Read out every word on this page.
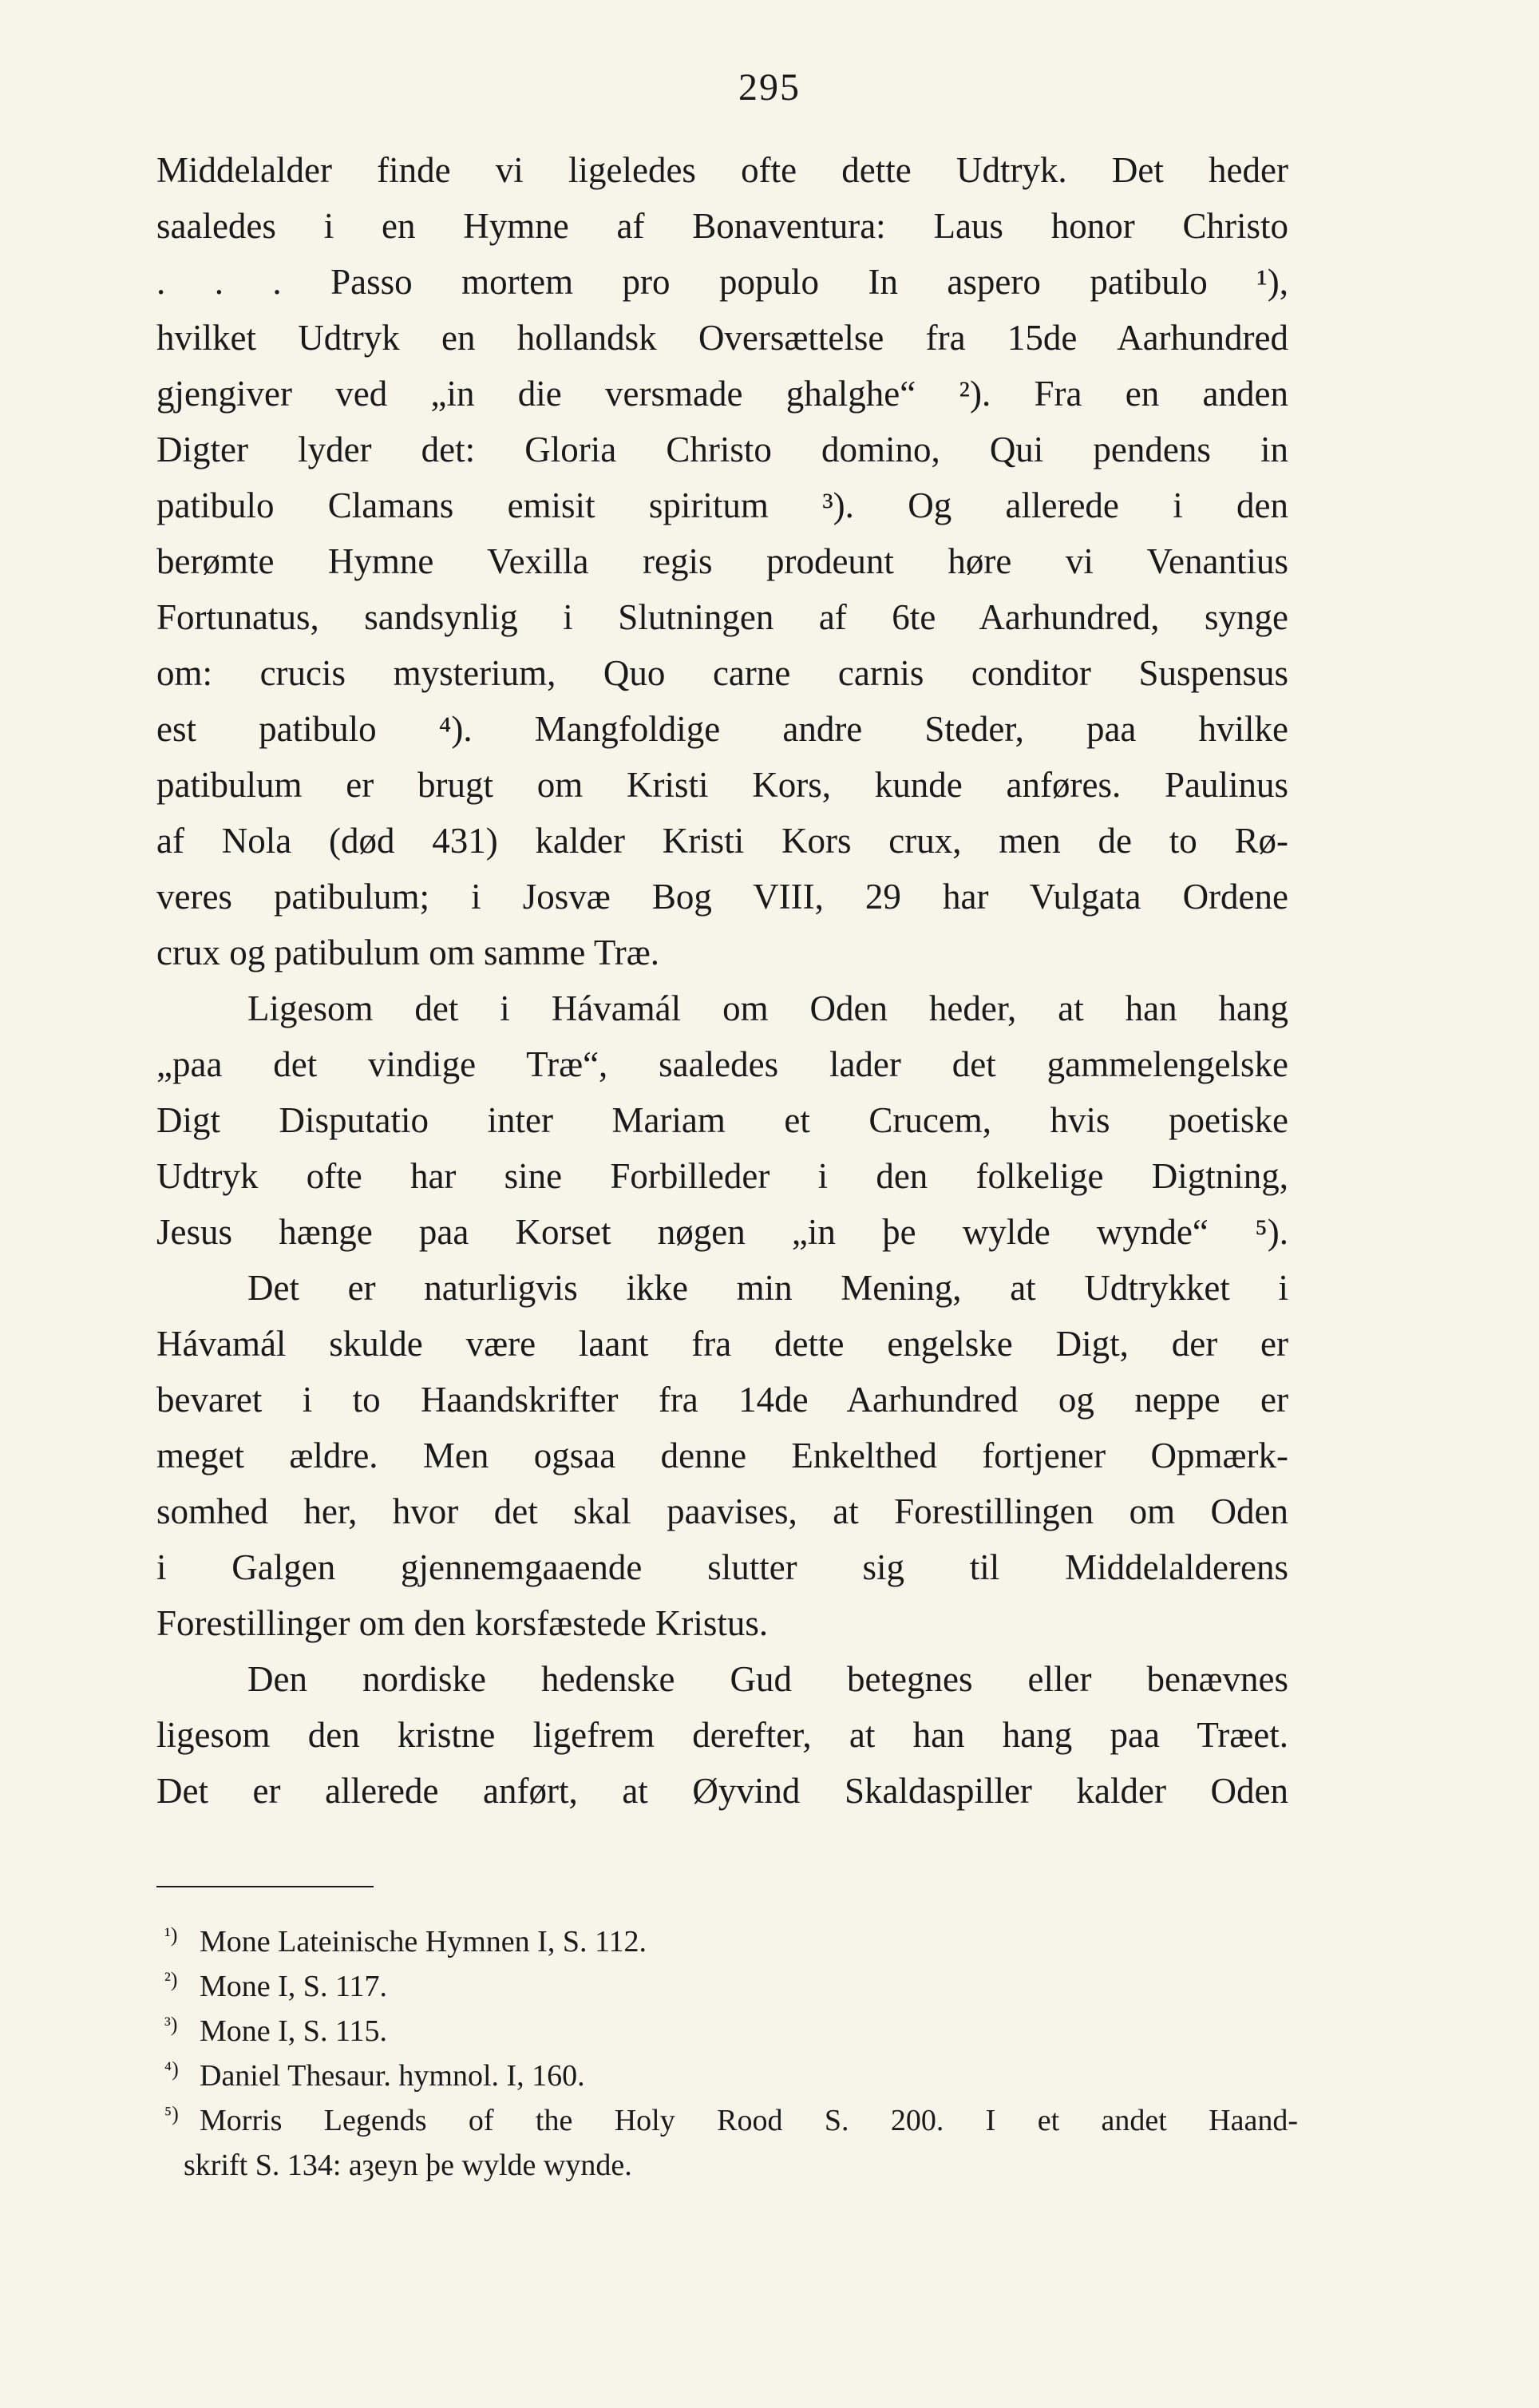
295
Middelalder finde vi ligeledes ofte dette Udtryk. Det heder
saaledes i en Hymne af Bonaventura: Laus honor Christo
. . . Passo mortem pro populo In aspero patibulo ¹),
hvilket Udtryk en hollandsk Oversættelse fra 15de Aarhundred
gjengiver ved „in die versmade ghalghe“ ²). Fra en anden
Digter lyder det: Gloria Christo domino, Qui pendens in
patibulo Clamans emisit spiritum ³). Og allerede i den
berømte Hymne Vexilla regis prodeunt høre vi Venantius
Fortunatus, sandsynlig i Slutningen af 6te Aarhundred, synge
om: crucis mysterium, Quo carne carnis conditor Suspensus
est patibulo ⁴). Mangfoldige andre Steder, paa hvilke
patibulum er brugt om Kristi Kors, kunde anføres. Paulinus
af Nola (død 431) kalder Kristi Kors crux, men de to Rø-
veres patibulum; i Josvæ Bog VIII, 29 har Vulgata Ordene
crux og patibulum om samme Træ.
Ligesom det i Hávamál om Oden heder, at han hang
„paa det vindige Træ“, saaledes lader det gammelengelske
Digt Disputatio inter Mariam et Crucem, hvis poetiske
Udtryk ofte har sine Forbilleder i den folkelige Digtning,
Jesus hænge paa Korset nøgen „in þe wylde wynde“ ⁵).
Det er naturligvis ikke min Mening, at Udtrykket i
Hávamál skulde være laant fra dette engelske Digt, der er
bevaret i to Haandskrifter fra 14de Aarhundred og neppe er
meget ældre. Men ogsaa denne Enkelthed fortjener Opmærk-
somhed her, hvor det skal paavises, at Forestillingen om Oden
i Galgen gjennemgaaende slutter sig til Middelalderens
Forestillinger om den korsfæstede Kristus.
Den nordiske hedenske Gud betegnes eller benævnes
ligesom den kristne ligefrem derefter, at han hang paa Træet.
Det er allerede anført, at Øyvind Skaldaspiller kalder Oden
¹) Mone Lateinische Hymnen I, S. 112.
²) Mone I, S. 117.
³) Mone I, S. 115.
⁴) Daniel Thesaur. hymnol. I, 160.
⁵) Morris Legends of the Holy Rood S. 200. I et andet Haand-
skrift S. 134: aȝeyn þe wylde wynde.
